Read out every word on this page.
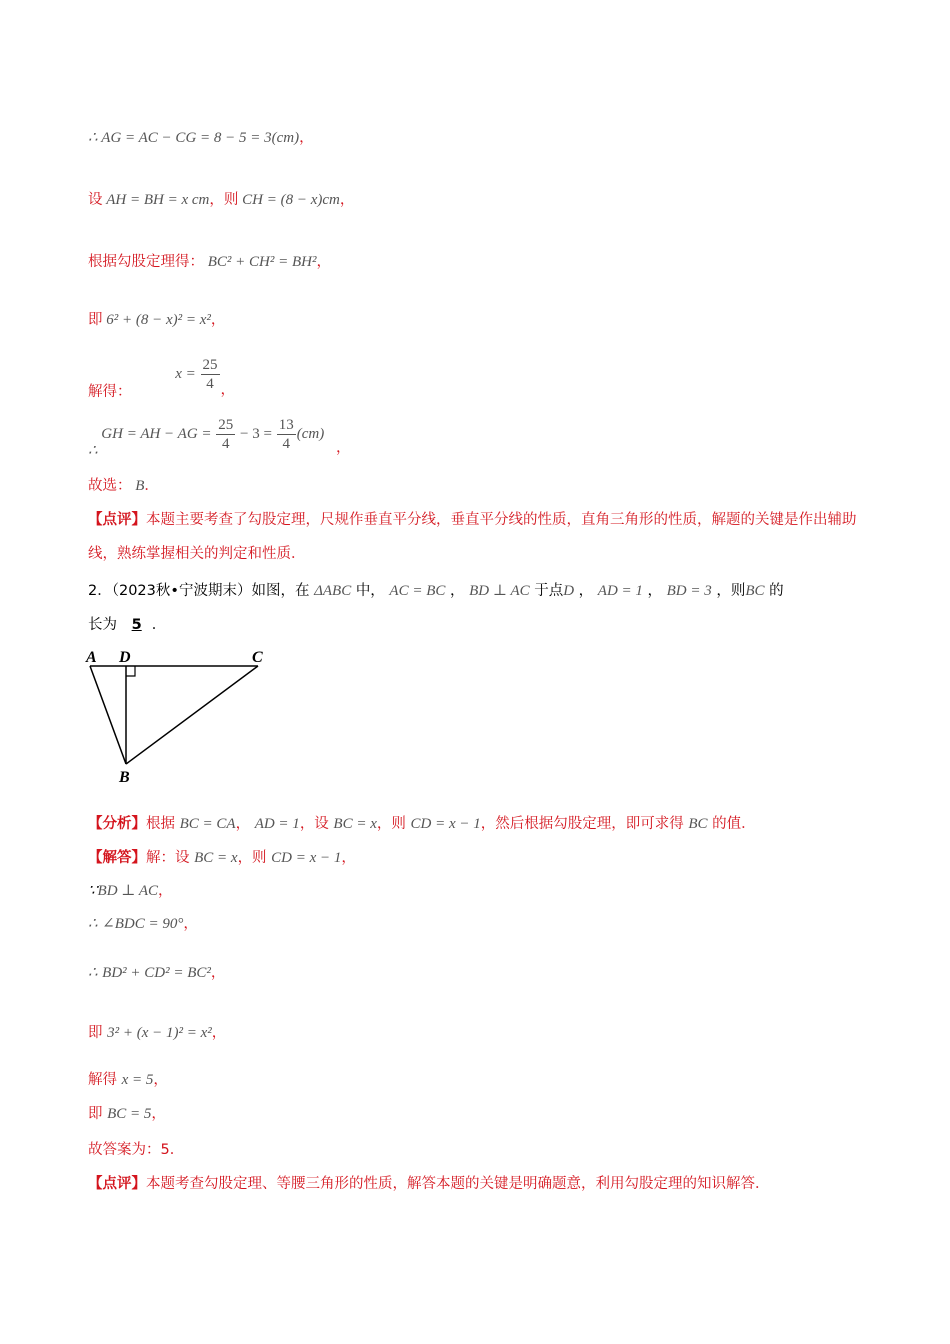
∴ AG = AC − CG = 8 − 5 = 3(cm)，
设 AH = BH = x cm，则 CH = (8 − x)cm，
根据勾股定理得： BC² + CH² = BH²，
即 6² + (8 − x)² = x²，
解得： $x = \frac{25}{4}$ ，
∴ GH = AH − AG = $\frac{25}{4} - 3 = \frac{13}{4} (cm)$ ，
故选： B．
【点评】本题主要考查了勾股定理，尺规作垂直平分线，垂直平分线的性质，直角三角形的性质，解题的关键是作出辅助线，熟练掌握相关的判定和性质．
2．（2023秋•宁波期末）如图，在 ΔABC 中， AC = BC ， BD ⊥ AC 于点D ， AD = 1 ， BD = 3 ，则BC 的
长为 5 ．
A D	C
B
【分析】根据 BC = CA， AD = 1，设 BC = x，则 CD = x − 1，然后根据勾股定理，即可求得 BC 的值．
【解答】解：设 BC = x，则 CD = x − 1，
∵BD ⊥ AC，
∴ ∠BDC = 90°，
∴ BD² + CD² = BC²，
即 3² + (x − 1)² = x²，
解得 x = 5，
即 BC = 5，
故答案为：5．
【点评】本题考查勾股定理、等腰三角形的性质，解答本题的关键是明确题意，利用勾股定理的知识解答．
